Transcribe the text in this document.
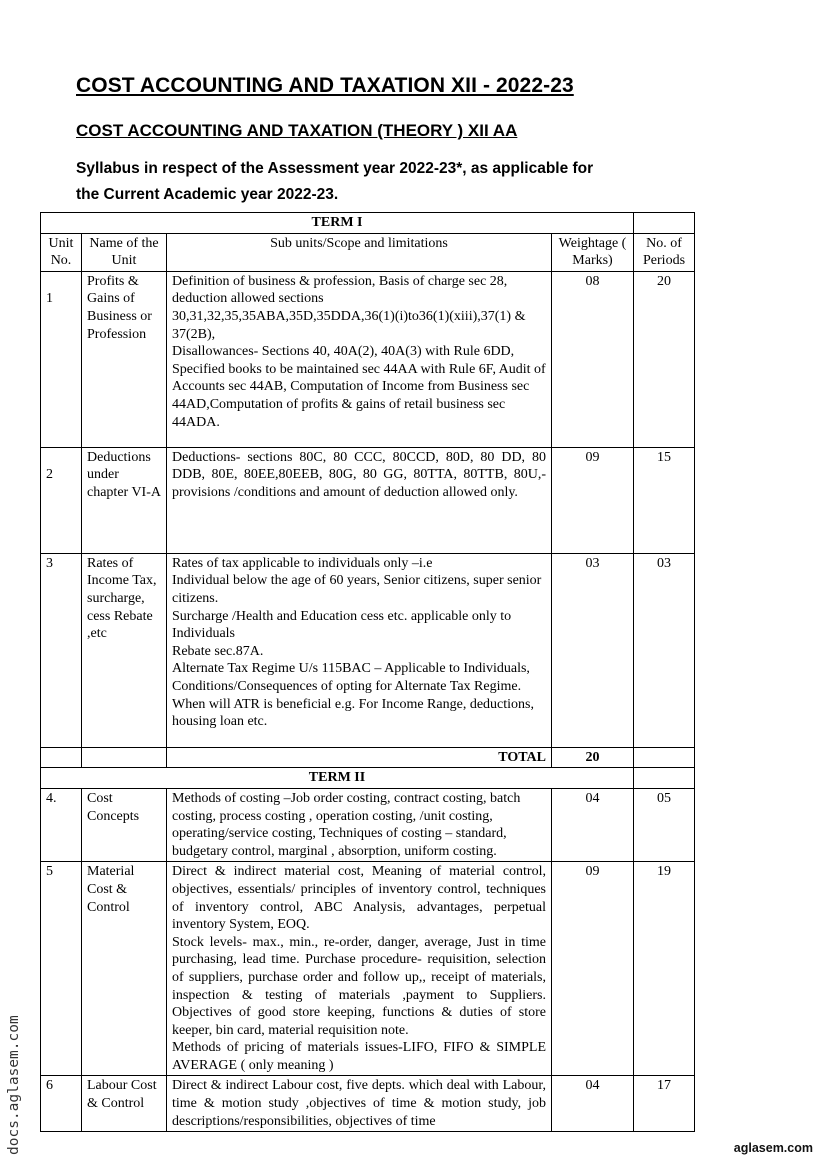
COST ACCOUNTING AND TAXATION XII - 2022-23
COST ACCOUNTING AND TAXATION (THEORY ) XII AA
Syllabus in respect of the Assessment year 2022-23*, as applicable for
the Current Academic year 2022-23.
TERM I				
Unit No.	Name of the Unit	Sub units/Scope and limitations	Weightage ( Marks)	No. of Periods

1	Profits & Gains of Business or Profession	Definition of business & profession, Basis of charge sec 28, deduction allowed sections 30,31,32,35,35ABA,35D,35DDA,36(1)(i)to36(1)(xiii),37(1) & 37(2B),
Disallowances- Sections 40, 40A(2), 40A(3) with Rule 6DD, Specified books to be maintained sec 44AA with Rule 6F, Audit of Accounts sec 44AB, Computation of Income from Business sec 44AD,Computation of profits & gains of retail business sec 44ADA.	08	20

2	Deductions under chapter VI-A	Deductions- sections 80C, 80 CCC, 80CCD, 80D, 80 DD, 80 DDB, 80E, 80EE,80EEB, 80G, 80 GG, 80TTA, 80TTB, 80U,- provisions /conditions and amount of deduction allowed only.	09	15
3	Rates of Income Tax, surcharge, cess Rebate ,etc	Rates of tax applicable to individuals only –i.e
Individual below the age of 60 years, Senior citizens, super senior citizens.
Surcharge /Health and Education cess etc. applicable only to Individuals
Rebate sec.87A.
Alternate Tax Regime U/s 115BAC – Applicable to Individuals, Conditions/Consequences of opting for Alternate Tax Regime. When will ATR is beneficial e.g. For Income Range, deductions, housing loan etc.	03	03
		TOTAL	20	
TERM II				
4.	Cost Concepts	Methods of costing –Job order costing, contract costing, batch costing, process costing , operation costing, /unit costing, operating/service costing, Techniques of costing – standard, budgetary control, marginal , absorption, uniform costing.	04	05
5	Material Cost & Control	Direct & indirect material cost, Meaning of material control, objectives, essentials/ principles of inventory control, techniques of inventory control, ABC Analysis, advantages, perpetual inventory System, EOQ.
Stock levels- max., min., re-order, danger, average, Just in time purchasing, lead time. Purchase procedure- requisition, selection of suppliers, purchase order and follow up,, receipt of materials, inspection & testing of materials ,payment to Suppliers. Objectives of good store keeping, functions & duties of store keeper, bin card, material requisition note.
Methods of pricing of materials issues-LIFO, FIFO & SIMPLE AVERAGE ( only meaning )	09	19
6	Labour Cost & Control	Direct & indirect Labour cost, five depts. which deal with Labour, time & motion study ,objectives of time & motion study, job descriptions/responsibilities, objectives of time	04	17
docs.aglasem.com	aglasem.com
